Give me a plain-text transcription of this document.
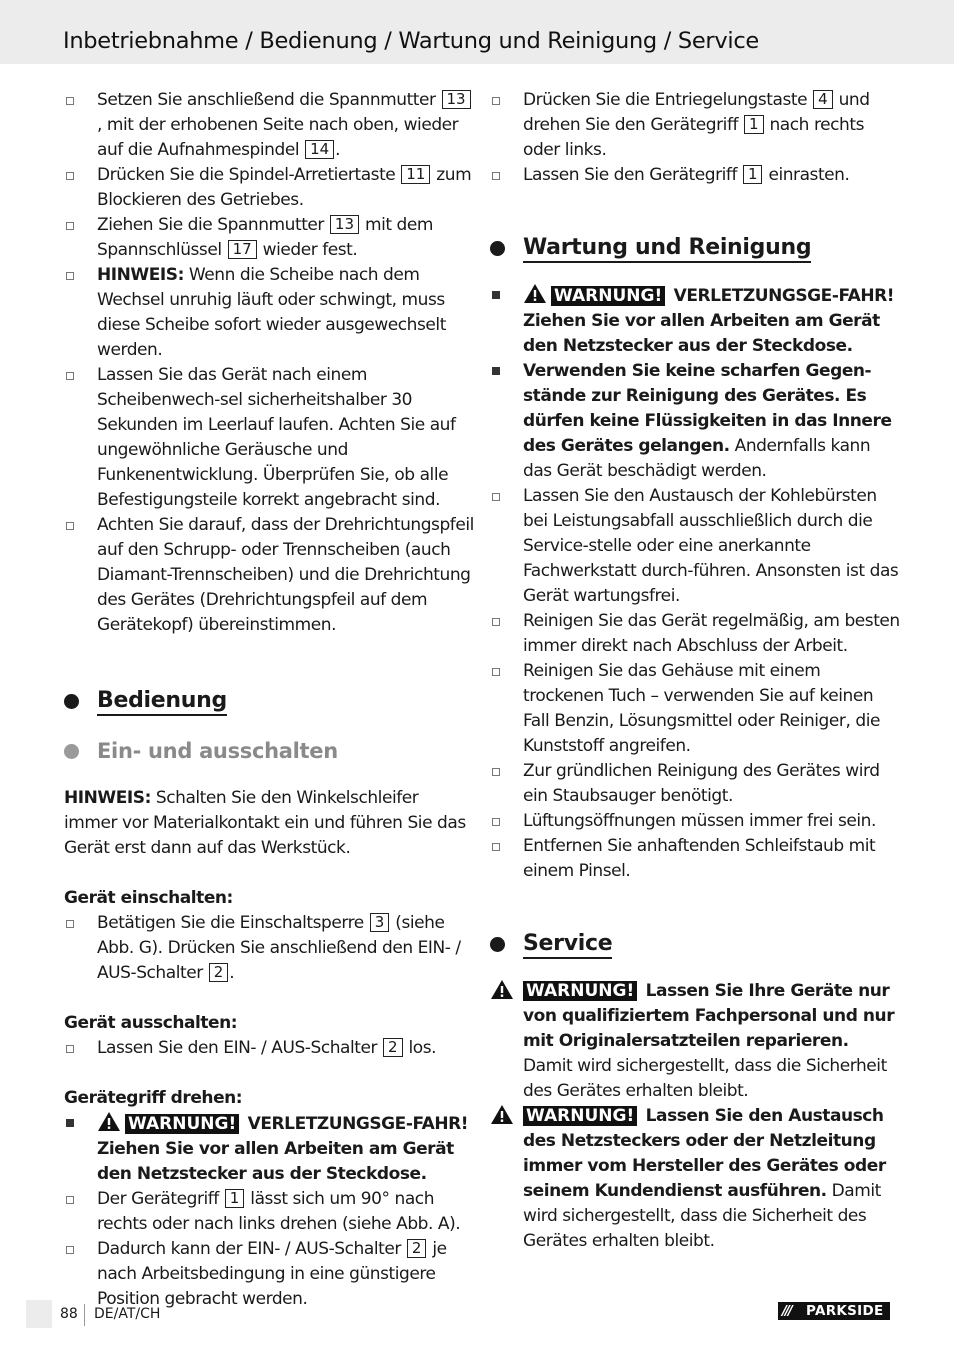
Inbetriebnahme / Bedienung / Wartung und Reinigung / Service
Setzen Sie anschließend die Spannmutter 13, mit der erhobenen Seite nach oben, wieder auf die Aufnahmespindel 14 .
Drücken Sie die Spindel-Arretiertaste 11 zum Blockieren des Getriebes.
Ziehen Sie die Spannmutter 13 mit dem Spannschlüssel 17 wieder fest.
HINWEIS: Wenn die Scheibe nach dem Wechsel unruhig läuft oder schwingt, muss diese Scheibe sofort wieder ausgewechselt werden.
Lassen Sie das Gerät nach einem Scheibenwech-sel sicherheitshalber 30 Sekunden im Leerlauf laufen. Achten Sie auf ungewöhnliche Geräusche und Funkenentwicklung. Überprüfen Sie, ob alle Befestigungsteile korrekt angebracht sind.
Achten Sie darauf, dass der Drehrichtungspfeil auf den Schrupp- oder Trennscheiben (auch Diamant-Trennscheiben) und die Drehrichtung des Gerätes (Drehrichtungspfeil auf dem Gerätekopf) übereinstimmen.
Bedienung
Ein- und ausschalten
HINWEIS: Schalten Sie den Winkelschleifer immer vor Materialkontakt ein und führen Sie das Gerät erst dann auf das Werkstück.
Gerät einschalten:
Betätigen Sie die Einschaltsperre 3 (siehe Abb. G). Drücken Sie anschließend den EIN- / AUS-Schalter 2 .
Gerät ausschalten:
Lassen Sie den EIN- / AUS-Schalter 2 los.
Gerätegriff drehen:
WARNUNG! VERLETZUNGSGE-FAHR! Ziehen Sie vor allen Arbeiten am Gerät den Netzstecker aus der Steckdose.
Der Gerätegriff 1 lässt sich um 90° nach rechts oder nach links drehen (siehe Abb. A).
Dadurch kann der EIN- / AUS-Schalter 2 je nach Arbeitsbedingung in eine günstigere Position gebracht werden.
Drücken Sie die Entriegelungstaste 4 und drehen Sie den Gerätegriff 1 nach rechts oder links.
Lassen Sie den Gerätegriff 1 einrasten.
Wartung und Reinigung
WARNUNG! VERLETZUNGSGE-FAHR! Ziehen Sie vor allen Arbeiten am Gerät den Netzstecker aus der Steckdose.
Verwenden Sie keine scharfen Gegen-stände zur Reinigung des Gerätes. Es dürfen keine Flüssigkeiten in das Innere des Gerätes gelangen. Andernfalls kann das Gerät beschädigt werden.
Lassen Sie den Austausch der Kohlebürsten bei Leistungsabfall ausschließlich durch die Service-stelle oder eine anerkannte Fachwerkstatt durch-führen. Ansonsten ist das Gerät wartungsfrei.
Reinigen Sie das Gerät regelmäßig, am besten immer direkt nach Abschluss der Arbeit.
Reinigen Sie das Gehäuse mit einem trockenen Tuch – verwenden Sie auf keinen Fall Benzin, Lösungsmittel oder Reiniger, die Kunststoff angreifen.
Zur gründlichen Reinigung des Gerätes wird ein Staubsauger benötigt.
Lüftungsöffnungen müssen immer frei sein.
Entfernen Sie anhaftenden Schleifstaub mit einem Pinsel.
Service
WARNUNG! Lassen Sie Ihre Geräte nur von qualifiziertem Fachpersonal und nur mit Originalersatzteilen reparieren. Damit wird sichergestellt, dass die Sicherheit des Gerätes erhalten bleibt.
WARNUNG! Lassen Sie den Austausch des Netzsteckers oder der Netzleitung immer vom Hersteller des Gerätes oder seinem Kundendienst ausführen. Damit wird sichergestellt, dass die Sicherheit des Gerätes erhalten bleibt.
88 DE/AT/CH	/// PARKSIDE
